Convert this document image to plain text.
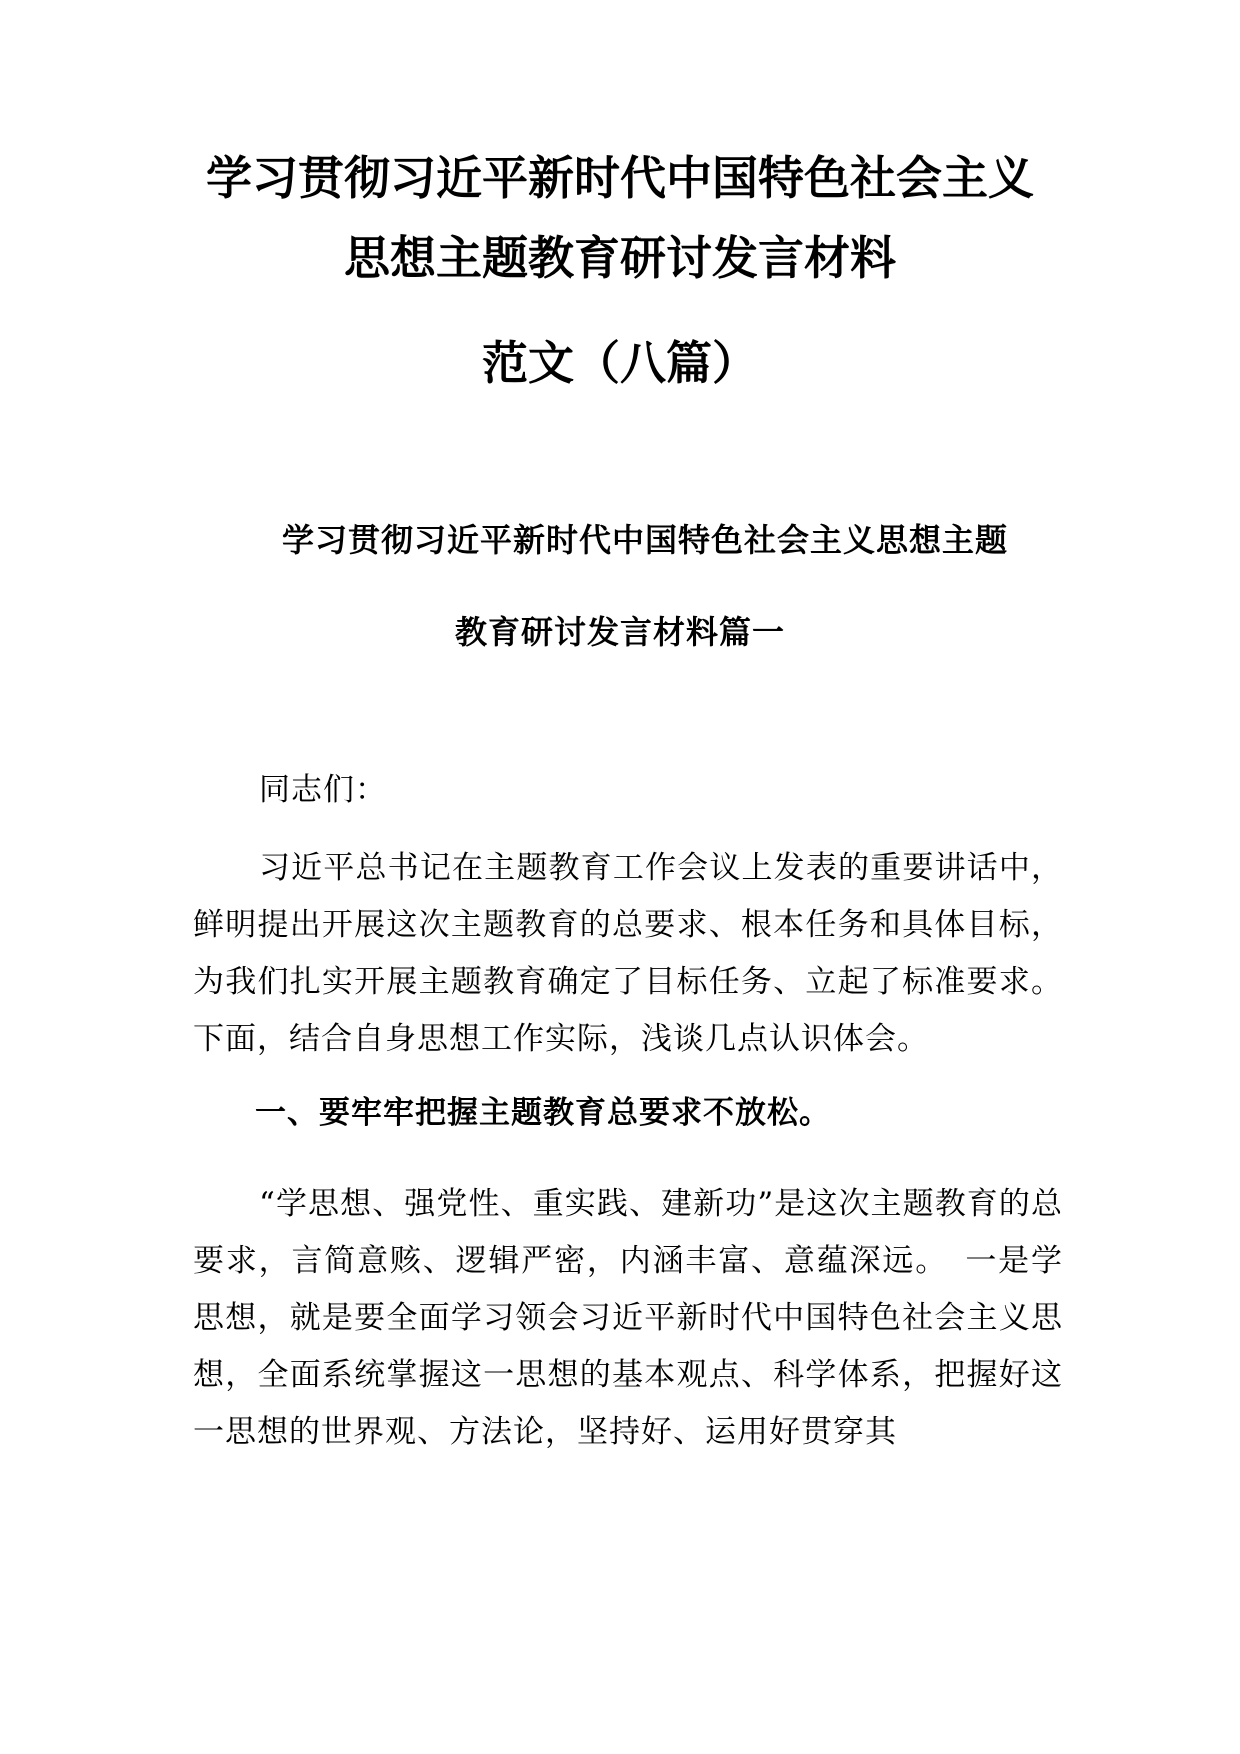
学习贯彻习近平新时代中国特色社会主义
思想主题教育研讨发言材料
范文（八篇）
学习贯彻习近平新时代中国特色社会主义思想主题
教育研讨发言材料篇一

同志们：

习近平总书记在主题教育工作会议上发表的重要讲话中，鲜明提出开展这次主题教育的总要求、根本任务和具体目标，为我们扎实开展主题教育确定了目标任务、立起了标准要求。下面，结合自身思想工作实际，浅谈几点认识体会。

一、要牢牢把握主题教育总要求不放松。

“学思想、强党性、重实践、建新功”是这次主题教育的总要求，言简意赅、逻辑严密，内涵丰富、意蕴深远。　一是学思想，就是要全面学习领会习近平新时代中国特色社会主义思想，全面系统掌握这一思想的基本观点、科学体系，把握好这一思想的世界观、方法论，坚持好、运用好贯穿其
